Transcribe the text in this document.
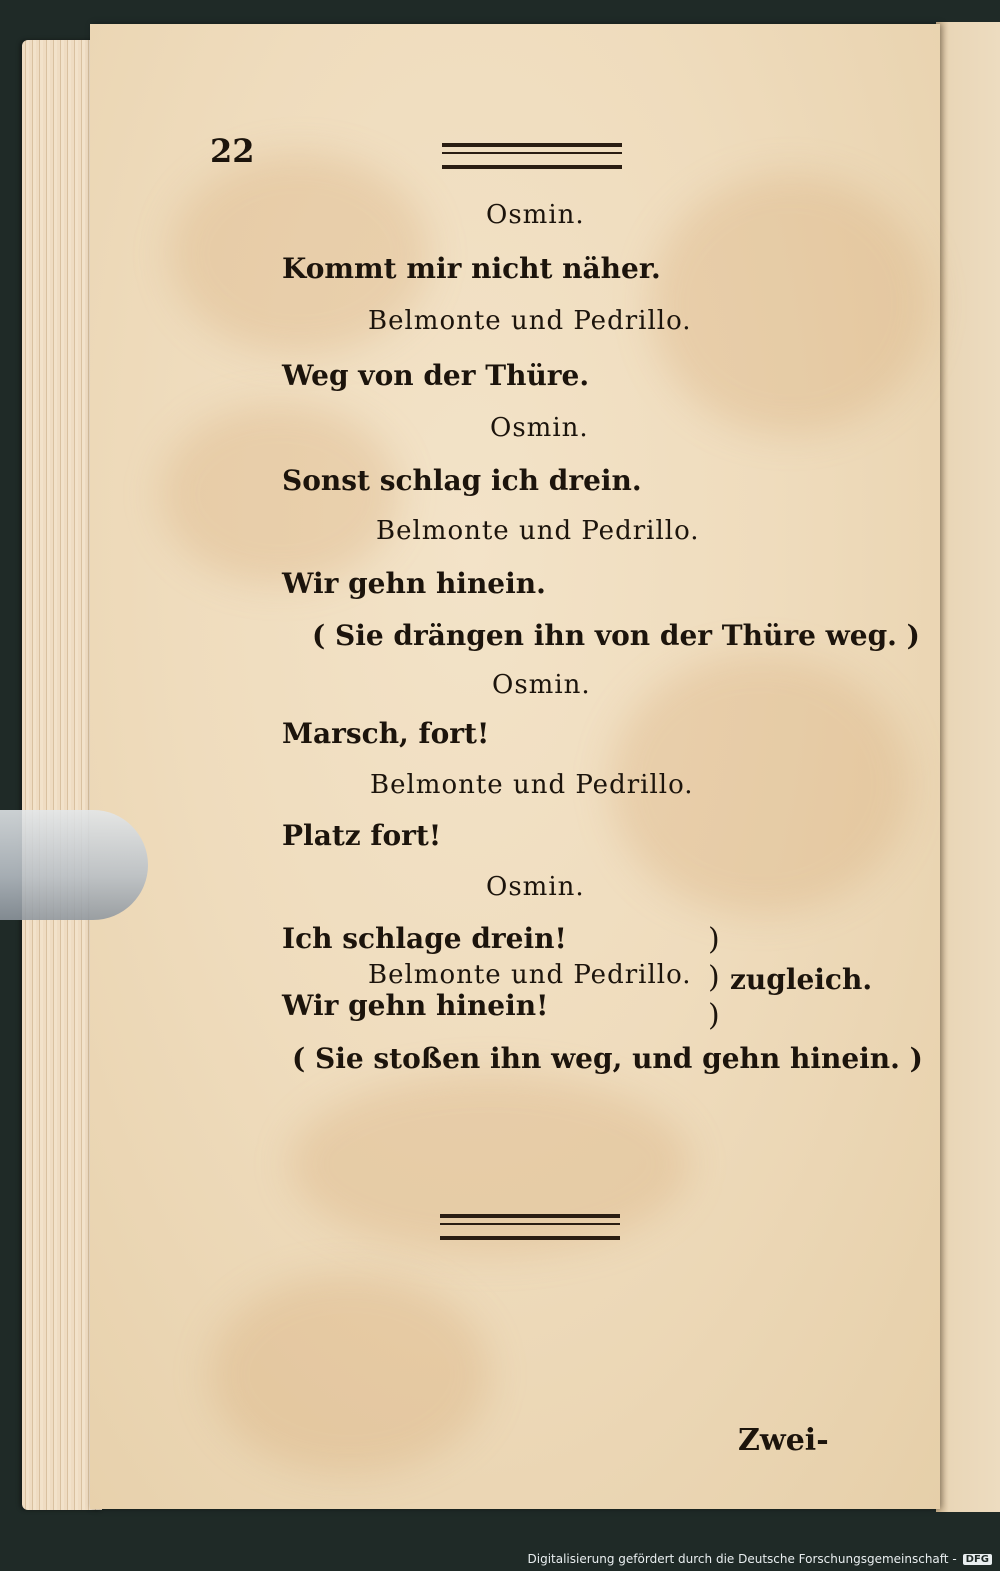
22
Osmin.
Kommt mir nicht näher.
Belmonte und Pedrillo.
Weg von der Thüre.
Osmin.
Sonst schlag ich drein.
Belmonte und Pedrillo.
Wir gehn hinein.
( Sie drängen ihn von der Thüre weg. )
Osmin.
Marsch, fort!
Belmonte und Pedrillo.
Platz fort!
Osmin.
Ich schlage drein!
Belmonte und Pedrillo.
Wir gehn hinein!
)
)
)
zugleich.
( Sie stoßen ihn weg, und gehn hinein. )
Zwei-
Digitalisierung gefördert durch die Deutsche Forschungsgemeinschaft - DFG
